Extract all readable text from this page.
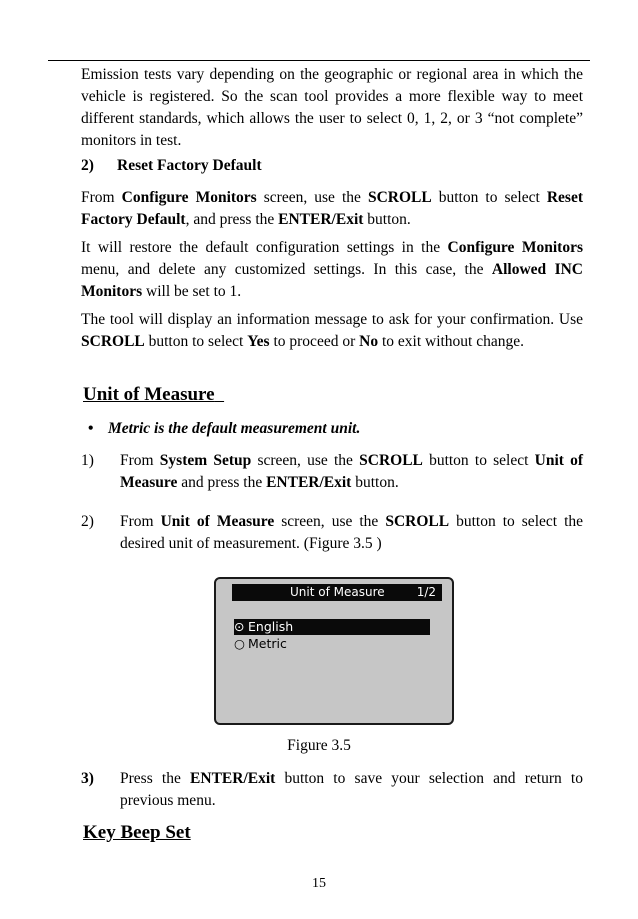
Emission tests vary depending on the geographic or regional area in which the vehicle is registered. So the scan tool provides a more flexible way to meet different standards, which allows the user to select 0, 1, 2, or 3 “not complete” monitors in test.

2) Reset Factory Default

From Configure Monitors screen, use the SCROLL button to select Reset Factory Default, and press the ENTER/Exit button.

It will restore the default configuration settings in the Configure Monitors menu, and delete any customized settings. In this case, the Allowed INC Monitors will be set to 1.

The tool will display an information message to ask for your confirmation. Use SCROLL button to select Yes to proceed or No to exit without change.

Unit of Measure
• Metric is the default measurement unit.
1) From System Setup screen, use the SCROLL button to select Unit of Measure and press the ENTER/Exit button.
2) From Unit of Measure screen, use the SCROLL button to select the desired unit of measurement. (Figure 3.5 )
Unit of Measure	1/2
⊙ English
○ Metric
Figure 3.5
3) Press the ENTER/Exit button to save your selection and return to previous menu.
Key Beep Set
15
